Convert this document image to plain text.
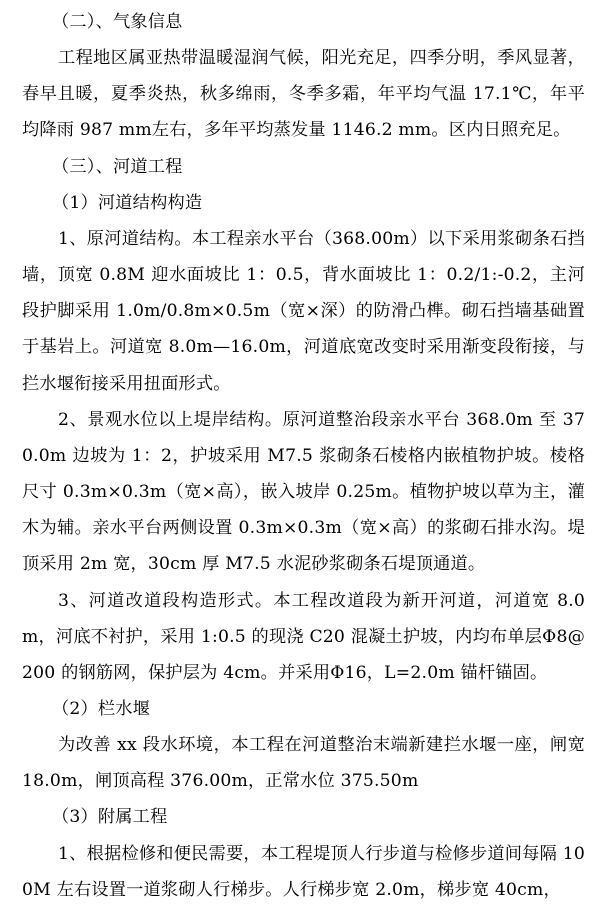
（二）、气象信息

工程地区属亚热带温暖湿润气候，阳光充足，四季分明，季风显著，春早且暖，夏季炎热，秋多绵雨，冬季多霜，年平均气温 17.1℃，年平均降雨 987 mm左右，多年平均蒸发量 1146.2 mm。区内日照充足。

（三）、河道工程

（1）河道结构构造

1、原河道结构。本工程亲水平台（368.00m）以下采用浆砌条石挡墙，顶宽 0.8M 迎水面坡比 1：0.5，背水面坡比 1：0.2/1:-0.2，主河段护脚采用 1.0m/0.8m×0.5m（宽×深）的防滑凸榫。砌石挡墙基础置于基岩上。河道宽 8.0m—16.0m，河道底宽改变时采用渐变段衔接，与拦水堰衔接采用扭面形式。

2、景观水位以上堤岸结构。原河道整治段亲水平台 368.0m 至 370.0m 边坡为 1：2，护坡采用 M7.5 浆砌条石棱格内嵌植物护坡。棱格尺寸 0.3m×0.3m（宽×高），嵌入坡岸 0.25m。植物护坡以草为主，灌木为辅。亲水平台两侧设置 0.3m×0.3m（宽×高）的浆砌石排水沟。堤顶采用 2m 宽，30cm 厚 M7.5 水泥砂浆砌条石堤顶通道。

3、河道改道段构造形式。本工程改道段为新开河道，河道宽 8.0m，河底不衬护，采用 1:0.5 的现浇 C20 混凝土护坡，内均布单层Φ8@200 的钢筋网，保护层为 4cm。并采用Φ16，L=2.0m 锚杆锚固。

（2）栏水堰

为改善 xx 段水环境，本工程在河道整治末端新建拦水堰一座，闸宽 18.0m，闸顶高程 376.00m，正常水位 375.50m

（3）附属工程

1、根据检修和便民需要，本工程堤顶人行步道与检修步道间每隔 100M 左右设置一道浆砌人行梯步。人行梯步宽 2.0m，梯步宽 40cm，
